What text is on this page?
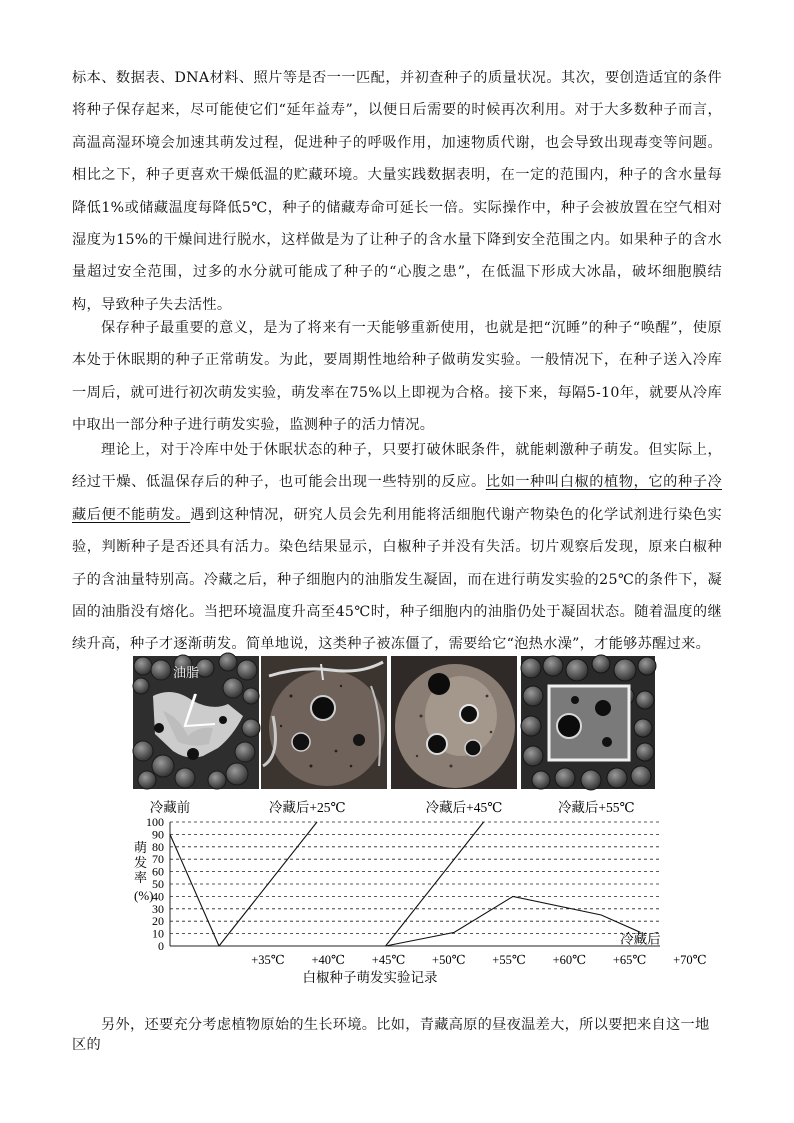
标本、数据表、DNA材料、照片等是否一一匹配，并初查种子的质量状况。其次，要创造适宜的条件将种子保存起来，尽可能使它们“延年益寿”，以便日后需要的时候再次利用。对于大多数种子而言，高温高湿环境会加速其萌发过程，促进种子的呼吸作用，加速物质代谢，也会导致出现毒变等问题。相比之下，种子更喜欢干燥低温的贮藏环境。大量实践数据表明，在一定的范围内，种子的含水量每降低1%或储藏温度每降低5℃，种子的储藏寿命可延长一倍。实际操作中，种子会被放置在空气相对湿度为15%的干燥间进行脱水，这样做是为了让种子的含水量下降到安全范围之内。如果种子的含水量超过安全范围，过多的水分就可能成了种子的“心腹之患”，在低温下形成大冰晶，破坏细胞膜结构，导致种子失去活性。

保存种子最重要的意义，是为了将来有一天能够重新使用，也就是把“沉睡”的种子“唤醒”，使原本处于休眠期的种子正常萌发。为此，要周期性地给种子做萌发实验。一般情况下，在种子送入冷库一周后，就可进行初次萌发实验，萌发率在75%以上即视为合格。接下来，每隔5-10年，就要从冷库中取出一部分种子进行萌发实验，监测种子的活力情况。

理论上，对于冷库中处于休眠状态的种子，只要打破休眠条件，就能刺激种子萌发。但实际上，经过干燥、低温保存后的种子，也可能会出现一些特别的反应。比如一种叫白椒的植物，它的种子冷藏后便不能萌发。遇到这种情况，研究人员会先利用能将活细胞代谢产物染色的化学试剂进行染色实验，判断种子是否还具有活力。染色结果显示，白椒种子并没有失活。切片观察后发现，原来白椒种子的含油量特别高。冷藏之后，种子细胞内的油脂发生凝固，而在进行萌发实验的25℃的条件下，凝固的油脂没有熔化。当把环境温度升高至45℃时，种子细胞内的油脂仍处于凝固状态。随着温度的继续升高，种子才逐渐萌发。简单地说，这类种子被冻僵了，需要给它“泡热水澡”，才能够苏醒过来。

油脂
0
10
20
30
40
50
60
70
80
90
100
+35℃ +40℃ +45℃ +50℃ +55℃ +60℃ +65℃ +70℃
冷藏前	冷藏后+25℃	冷藏后+45℃	冷藏后+55℃
冷藏后
萌 发 率 (%)
白椒种子萌发实验记录

另外，还要充分考虑植物原始的生长环境。比如，青藏高原的昼夜温差大，所以要把来自这一地区的
